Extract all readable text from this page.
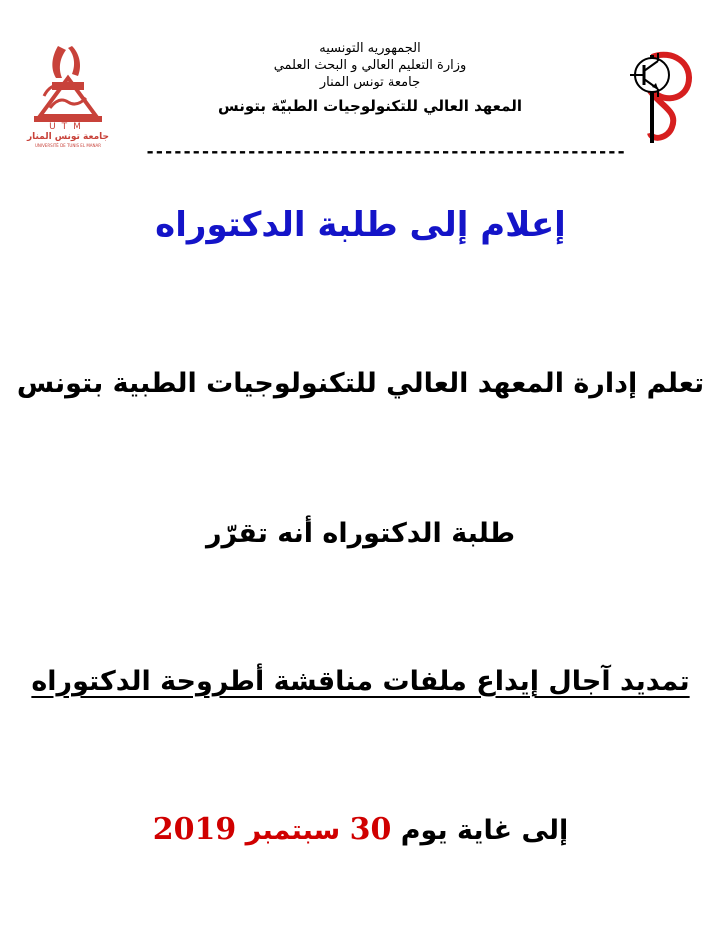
UTM
جامعة تونس المنار
UNIVERSITÉ DE TUNIS EL MANAR
الجمهوريه التونسيه
وزارة التعليم العالي و البحث العلمي
جامعة تونس المنار
المعهد العالي للتكنولوجيات الطبيّة بتونس
----------------------------------------------------
إعلام إلى طلبة الدكتوراه
تعلم إدارة المعهد العالي للتكنولوجيات الطبية بتونس
طلبة الدكتوراه أنه تقرّر
تمديد آجال إيداع ملفات مناقشة أطروحة الدكتوراه
إلى غاية يوم 30 سبتمبر 2019
